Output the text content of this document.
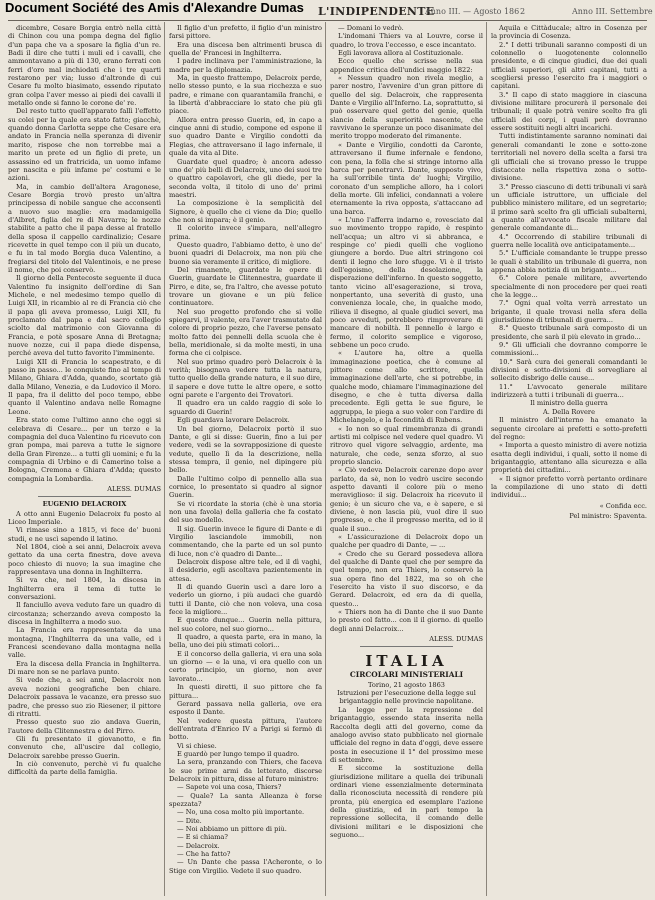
Document Société des Amis d'Alexandre Dumas L'INDIPENDENTE
Anno III. — Agosto 186 2	Anno III. Settembre

dicembre, Cesare Borgia entrò nella città di Chinon cou una pompa degna del figlio d'un papa che va a sposare la figlia d'un re. Badi il dire che tutti i muli ed i cavalli, che ammontavano a più di 130, erano ferrati con ferri d'oro mal inchiodati che i tre quarti restarono per via; lusso d'altronde di cui Cesare fu molto biasimato, essendo riputato gran colpa l'aver messo ai piedi dei cavalli il metallo onde si fanno le corone de' re.

Del resto tutto quell'apparato fallì l'effetto su colei per la quale era stato fatto; giacchè, quando donna Carlotta seppe che Cesare era andato in Francia nella speranza di divenir marito, rispose che non torrebbe mai a marito un prete ed un figlio di prete, un assassino ed un fratricida, un uomo infame per nascita e più infame pe' costumi e le azioni.

Ma, in cambio dell'altera Aragonese, Cesare Borgia trovò presto un'altra principessa di nobile sangue che acconsentì a nuovo suo maglie: era madamigella d'Albret, figlia del re di Navarra; le nozze stabilite a patto che il papa desse al fratello della sposa il cappello cardinalizio; Cesare ricevette in quel tempo con il più un ducato, e fu in tal modo Borgia duca Valentino, a fregiarsi del titolo del Valentinois, e ne prese il nome, che poi conservò.

Il giorno della Pentecoste seguente il duca Valentino fu insignito dell'ordine di San Michele, e nel medesimo tempo quello di Luigi XII, in ricambio al re di Francia ciò che il papa gli aveva promesso, Luigi XII, fu proclamato dal papa e dal sacro collegio sciolto dal matrimonio con Giovanna di Francia, e potè sposare Anna di Bretagna; nuove nozze, cui il papa diede dispensa, perché aveva del tutto favorito l'imminente.

Luigi XII di Francia lo scapestrato, e di passo in passo... le conquiste fino al tempo di Milano, Ghiara d'Adda, quando, scortato già dalla Milano, Venezia, e da Ludovico il Moro. Il papa, fra il delitto del poco tempo, ebbe quanto il Valentino andava nelle Romagne Leone.

Era stato come l'ultimo anno che oggi si celebrava di Cesare... per un terzo e la compagnia del duca Valentino fu ricevuto con gran pompa, mai pareva a tutte le signore della Gran Firenze... a tutti gli uomini; e fu la compagnia di Urbino e di Camerino tolse a Bologna, Cremona e Ghiara d'Adda; questo compagnia la Lombardia.

ALESS. DUMAS

EUGENIO DELACROIX

A otto anni Eugenio Delacroix fu posto al Liceo Imperiale.

Vi rimase sino a 1815, vi fece de' buoni studi, e ne uscì sapendo il latino.

Nel 1804, cioè a sei anni, Delacroix aveva gettato da una certa finestra, dove aveva poco chiesto di nuovo; la sua imagine che rappresentava una donna in Inghilterra.

Si va che, nel 1804, la discesa in Inghilterra era il tema di tutte le conversazioni.

Il fanciullo aveva veduto fare un quadro di circostanza; scherzando aveva composto la discesa in Inghilterra a modo suo.

La Francia era rappresentata da una montagna, l'Inghilterra da una valle, ed i Francesi scendevano dalla montagna nella valle.

Era la discesa della Francia in Inghilterra. Di mare non se ne parlava punto.

Si vede che, a sei anni, Delacroix non aveva nozioni geografiche ben chiare. Delacroix passava le vacanze, era presso suo padre, che presso suo zio Riesener, il pittore di ritratti.

Presso questo suo zio andava Guerin, l'autore della Clitennestra e del Pirro.

Gli fu presentato il giovanotto, e fin convenuto che, all'uscire dal collegio, Delacroix sarebbe presso Guerin.

In ciò convenuto, perchè vi fu qualche difficoltà da parte della famiglia.

Il figlio d'un prefetto, il figlio d'un ministro farsi pittore.

Era una discesa ben altrimenti brusca di quella de' Francesi in Inghilterra.

I padre inclinava per l'amministrazione, la madre per la diplomazia.

Ma, in questo frattempo, Delacroix perde, nello stesso punto, e la sua ricchezza e suo padre, e rimane con quarantamila franchi, e la libertà d'abbracciare lo stato che più gli piace.

Allora entra presso Guerin, ed, in capo a cinque anni di studio, compone ed espone il suo quadro Dante e Virgilio condotti da Flegias, che attraversano il lago infernale, il quale da vita al Dite.

Guardate quel quadro; è ancora adesso uno de' più belli di Delacroix, uno dei suoi tre o quattro capolavori, che gli diede, per la seconda volta, il titolo di uno de' primi maestri.

La composizione è la semplicità del Signore, è quello che ci viene da Dio; quello che non si impara; è il genio.

Il colorito invece s'impara, nell'allegro prima.

Questo quadro, l'abbiamo detto, è uno de' buoni quadri di Delacroix, ma non più che buono sia veramente il critico, di migliore.

Del rimanente, guardate le opere di Guerin, guardate le Clitennestra, guardate il Pirro, e dite, se, fra l'altro, che avesse potuto trovare un giovane e un più felice continuatore.

Nel suo progetto profondo che si volle spiegarvi, il valente, era l'aver trasmutato dal colore di proprio pezzo, che l'averse pensato molto fatto dei pennelli della scuola che è bella, meridionale, si da molte mesti, in una forma che ci colpisce.

Nel suo primo quadro però Delacroix è la verità; bisognava vedere tutta la natura, tutto quello della grande natura, e il suo dire, il sapere e dove tutte le altre opere, e sotto ogni parete e l'argento dei Trovatori.

Il quadro era un caldo raggio di sole lo sguardo di Guerin!

Egli guardava lavorare Delacroix.

Un bel giorno, Delacroix portò il suo Dante, e gli si disse: Guerin, fino a lui per vedere, vedi se la sovrapposizione di queste vedute, quello lì da la descrizione, nella stessa tempra, il genio, nel dipingere più bello.

Dalle l'ultimo colpo di pennello alla sua cornice, lo presentato si quadro al signor Guerin.

Se vi ricordate la storia (chè è una storia non una favola) della galleria che fa costato del suo modello.

Il sig. Guerin invece le figure di Dante e di Virgilio lasciandole immobili, non commentando, che la parte ed un sol punto di luce, non c'è quadro di Dante...

Delacroix dispose altre tele, ed il dì vaghi, il desiderio, egli ascoltava pazientemente in attesa.

Il di quando Guerin uscì a dare loro a vederlo un giorno, i più audaci che guardò tutti il Dante, ciò che non voleva, una cosa fece la migliore...

E questo dunque... Guerin nella pittura, nel suo colore, nel suo giorno...

Il quadro, a questa parte, era in mano, la bella, uno dei più stimati colori...

E il concorso della galleria, vi era una sola un giorno — e la una, vi era quello con un certo principio, un giorno, non aver lavorato...

In questi diretti, il suo pittore che fa pittura...

Gerard passava nella galleria, ove era esposto il Dante.

Nel vedere questa pittura, l'autore dell'entrata d'Enrico IV a Parigi si fermò di botto.

Vi si chiese.

E guardò per lungo tempo il quadro.

La sera, pranzando con Thiers, che faceva le sue prime armi da letterato, discorse Delacroix in pittura, disse al futuro ministro:

— Sapete voi una cosa, Thiers?

— Quale? La santa Alleanza è forse spezzata?

— No, una cosa molto più importante.

— Dite.

— Noi abbiamo un pittore di più.

— E si chiama?

— Delacroix.

— Che ha fatto?

— Un Dante che passa l'Acheronte, o lo Stige con Virgilio. Vedete il suo quadro.

— Domani lo vedrò.

L'indomani Thiers va al Louvre, corse il quadro, lo trova l'eccesso, e esce incantato.

Egli lavorava allora al Costituzionale.

Ecco quello che scrisse nella sua appendice critica dell'undici maggio 1822:

« Nessun quadro non rivela meglio, a parer nostro, l'avvenire d'un gran pittore di quello del sig. Delacroix, che rappresenta Dante e Virgilio all'Inferno. La, soprattutto, si può osservare quel getto del genie, quella slancio della superiorità nascente, che ravvivano le speranze un poco disanimate del merito troppo moderato del rimanente.

« Dante e Virgilio, condotti da Caronte, attraversano il fiume infernale e fendono, con pena, la folla che si stringe intorno alla barca per penetrarvi. Dante, supposto vivo, ha sull'orribile tinta de' luoghi; Virgilio, coronato d'un sempliche alloro, ha i colori della morte. Gli infelici, condannati a volere eternamente la riva opposta, s'attaccano ad una barca.

« L'uno l'afferra indarno e, rovesciato dal suo movimento troppo rapido, è respinto nell'acqua; un altro vi si abbranca, e respinge co' piedi quelli che vogliono giungere a bordo. Due altri stringono coi denti il legno che loro sfugge. Vi è il tristo dell'egoismo, della desolazione, la disperazione dell'inferno. In questo soggetto, tanto vicino all'esagerazione, si trova, nonpertanto, una severità di gusto, una convenienza locale, che, in qualche modo, rilieva il disegno, al quale giudici severi, ma poco avveduti, potrebbero rimproverare di mancare di nobiltà. Il pennello è largo e fermo, il colorito semplice e vigoroso, sebbene un poco crudo.

« L'autore ha, oltre a quella immaginazione poetica, che è comune al pittore come allo scrittore, quella immaginazione dell'arte, che si potrebbe, in qualche modo, chiamare l'immaginazione del disegno, e che è tutta diversa dalla precedente. Egli getta le sue figure, le aggruppa, le piega a suo voler con l'ardire di Michelangelo, e la fecondità di Rubens.

« Io non so qual rimembranza di grandi artisti mi colpisce nel vedere quel quadro. Vi ritrovo quel vigore selvaggio, ardente, ma naturale, che cede, senza sforzo, al suo proprio slancio.

« Ciò vedeva Delacroix carenze dopo aver parlato, da sè, non lo vedrò uscire secondo aspetto davanti il colore più o meno meraviglioso: il sig. Delacroix ha ricevuto il genio; è un sicuro che va, e è sapere, e si diviene, è non lascia più, vuol dire il suo progresso, e che il progresso merita, ed io il quale il suo...

« L'assicurazione di Delacroix dopo un qualche per quadro di Dante, — ...

« Credo che su Gerard possedeva allora del qualche di Dante quel che per sempre da quel tempo, non era Thiers, lo conservò la sua opera fino del 1822, ma so oh che l'esercito ha visto il suo discorso, e da Gerard. Delacroix, ed era da di quella, questo...

« Thiers non ha di Dante che il suo Dante lo presto col fatto... con il il giorno. di quello degli anni Delacroix...

ALESS. DUMAS

ITALIA

CIRCOLARI MINISTERIALI

Torino, 21 agosto 1863

Istruzioni per l'esecuzione della legge sul brigantaggio nelle provincie napolitane.

La legge per la repressione del brigantaggio, essendo stata inserita nella Raccolta degli atti del governo, come da analogo avviso stato pubblicato nel giornale ufficiale del regno in data d'oggi, deve essere posta in esecuzione il 1° del prossimo mese di settembre.

E siccome la sostituzione della giurisdizione militare a quella dei tribunali ordinari viene essenzialmente determinata dalla riconosciuta necessità di rendere più pronta, più energica ed esemplare l'azione della giustizia, ed in pari tempo la repressione sollecita, il comando delle divisioni militari e le disposizioni che seguono...

Aquila e Cittàducale; altro in Cosenza per la provincia di Cosenza.

2.° I detti tribunali saranno composti di un colonnello o luogotenente colonnello presidente, e di cinque giudici, due dei quali ufficiali superiori, gli altri capitani, tutti a scegliersi presso l'esercito fra i maggiori o capitani.

3.° Il capo di stato maggiore in ciascuna divisione militare procurerà il personale dei tribunali; il quale potrà venire scelto fra gli ufficiali dei corpi, i quali però dovranno essere sostituiti negli altri incarichi.

Tutti indistintamente saranno nominati dai generali comandanti le zone e sotto-zone territoriali nel novero della scelta a farsi tra gli ufficiali che si trovano presso le truppe distaccate nella rispettiva zona o sotto-divisione.

3.° Presso ciascuno di detti tribunali vi sarà un ufficiale istruttore, un ufficiale del pubblico ministero militare, ed un segretario; il primo sarà scelto fra gli ufficiali subalterni, a quanto all'avvocato fiscale militare dal generale comandante di...

4.° Occorrendo di stabilire tribunali di guerra nelle località ove anticipatamente...

5.° L'ufficiale comandante le truppe presso le quali è stabilito un tribunale di guerra, non appena abbia notizia di un brigante...

6.° Colore penale militare, avvertendo specialmente di non procedere per quei reati che la legge...

7.° Ogni qual volta verrà arrestato un brigante, il quale trovasi nella sfera della giurisdizione di tribunali di guerra...

8.° Questo tribunale sarà composto di un presidente, che sarà il più elevato in grado...

9.° Gli ufficiali che dovranno comporre le commissioni...

10.° Sarà cura dei generali comandanti le divisioni e sotto-divisioni di sorvegliare al sollecito disbrigo delle cause...

11.° L'avvocato generale militare indirizzerà a tutti i tribunali di guerra...

Il ministro della guerra

A. Della Rovere

Il ministro dell'interno ha emanato la seguente circolare ai prefetti e sotto-prefetti del regno:

« Importa a questo ministro di avere notizia esatta degli individui, i quali, sotto il nome di brigantaggio, attentano alla sicurezza e alla proprietà dei cittadini...

« Il signor prefetto vorrà pertanto ordinare la compilazione di uno stato di detti individui...

« Confida ecc.

Pel ministro: Spaventa.
